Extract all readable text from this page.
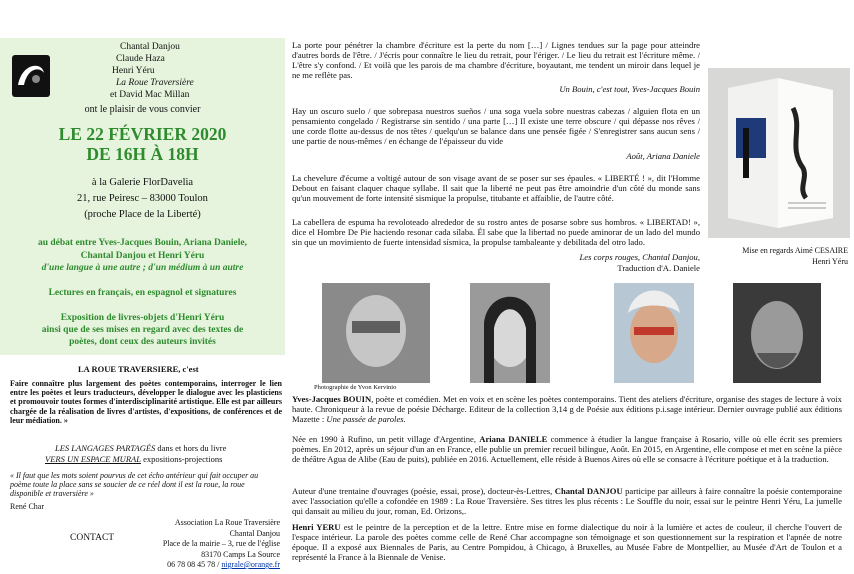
Chantal Danjou
Claude Haza
Henri Yéru
La Roue Traversière
et David Mac Millan
ont le plaisir de vous convier
LE 22 FÉVRIER 2020
DE 16H À 18H
à la Galerie FlorDavelia
21, rue Peiresc – 83000 Toulon
(proche Place de la Liberté)
au débat entre Yves-Jacques Bouin, Ariana Daniele,
Chantal Danjou et Henri Yéru
d'une langue à une autre ; d'un médium à un autre
Lectures en français, en espagnol et signatures
Exposition de livres-objets d'Henri Yéru
ainsi que de ses mises en regard avec des textes de
poètes, dont ceux des auteurs invités
LA ROUE TRAVERSIERE, c'est
Faire connaître plus largement des poètes contemporains, interroger le lien entre les poètes et leurs traducteurs, développer le dialogue avec les plasticiens et promouvoir toutes formes d'interdisciplinarité artistique. Elle est par ailleurs chargée de la réalisation de livres d'artistes, d'expositions, de conférences et de leur médiation. »
LES LANGAGES PARTAGÉS dans et hors du livre
VERS UN ESPACE MURAL expositions-projections
« Il faut que les mots soient pourvus de cet écho antérieur qui fait occuper au poème toute la place sans se soucier de ce réel dont il est la roue, la roue disponible et traversière »
René Char
CONTACT
Association La Roue Traversière
Chantal Danjou
Place de la mairie – 3, rue de l'église
83170 Camps La Source
06 78 08 45 78 / nigrale@orange.fr
La porte pour pénétrer la chambre d'écriture est la perte du nom […] / Lignes tendues sur la page pour atteindre d'autres bords de l'être. / J'écris pour connaître le lieu du retrait, pour l'ériger. / Le lieu du retrait est l'écriture même. / L'être s'y confond. / Et voilà que les parois de ma chambre d'écriture, boyautant, me tendent un miroir dans lequel je ne me reflète pas.
Un Bouin, c'est tout, Yves-Jacques Bouin
Hay un oscuro suelo / que sobrepasa nuestros sueños / una soga vuela sobre nuestras cabezas / alguien flota en un pensamiento congelado / Registrarse sin sentido / una parte […] Il existe une terre obscure / qui dépasse nos rêves / une corde flotte au-dessus de nos têtes / quelqu'un se balance dans une pensée figée / S'enregistrer sans aucun sens / une partie de nous-mêmes / en échange de l'épaisseur du vide
Août, Ariana Daniele
La chevelure d'écume a voltigé autour de son visage avant de se poser sur ses épaules. « LIBERTÉ ! », dit l'Homme Debout en faisant claquer chaque syllabe. Il sait que la liberté ne peut pas être amoindrie d'un côté du monde sans qu'un mouvement de forte intensité sismique la propulse, titubante et affaiblie, de l'autre côté.
La cabellera de espuma ha revoloteado alrededor de su rostro antes de posarse sobre sus hombros. « LIBERTAD! », dice el Hombre De Pie haciendo resonar cada sílaba. Él sabe que la libertad no puede aminorar de un lado del mundo sin que un movimiento de fuerte intensidad sísmica, la propulse tambaleante y debilitada del otro lado.
Les corps rouges, Chantal Danjou,
Traduction d'A. Daniele
Mise en regards Aimé CESAIRE
Henri Yéru
Photographie de Yvon Kervinio
Yves-Jacques BOUIN, poète et comédien. Met en voix et en scène les poètes contemporains. Tient des ateliers d'écriture, organise des stages de lecture à voix haute. Chroniqueur à la revue de poésie Décharge. Editeur de la collection 3,14 g de Poésie aux éditions p.i.sage intérieur. Dernier ouvrage publié aux éditions Mazette : Une passée de paroles.
Née en 1990 à Rufino, un petit village d'Argentine, Ariana DANIELE commence à étudier la langue française à Rosario, ville où elle écrit ses premiers poèmes. En 2012, après un séjour d'un an en France, elle publie un premier recueil bilingue, Août. En 2015, en Argentine, elle compose et met en scène la pièce de théâtre Agua de Alibe (Eau de puits), publiée en 2016. Actuellement, elle réside à Buenos Aires où elle se consacre à l'écriture poétique et à la traduction.
Auteur d'une trentaine d'ouvrages (poésie, essai, prose), docteur-ès-Lettres, Chantal DANJOU participe par ailleurs à faire connaître la poésie contemporaine avec l'association qu'elle a cofondée en 1989 : La Roue Traversière. Ses titres les plus récents : Le Souffle du noir, essai sur le peintre Henri Yéru, La jumelle qui dansait au milieu du jour, roman, Ed. Orizons,.
Henri YERU est le peintre de la perception et de la lettre. Entre mise en forme dialectique du noir à la lumière et actes de couleur, il cherche l'ouvert de l'espace intérieur. La parole des poètes comme celle de René Char accompagne son témoignage et son questionnement sur la respiration et l'apnée de notre époque. Il a exposé aux Biennales de Paris, au Centre Pompidou, à Chicago, à Bruxelles, au Musée Fabre de Montpellier, au Musée d'Art de Toulon et a représenté la France à la Biennale de Venise.
